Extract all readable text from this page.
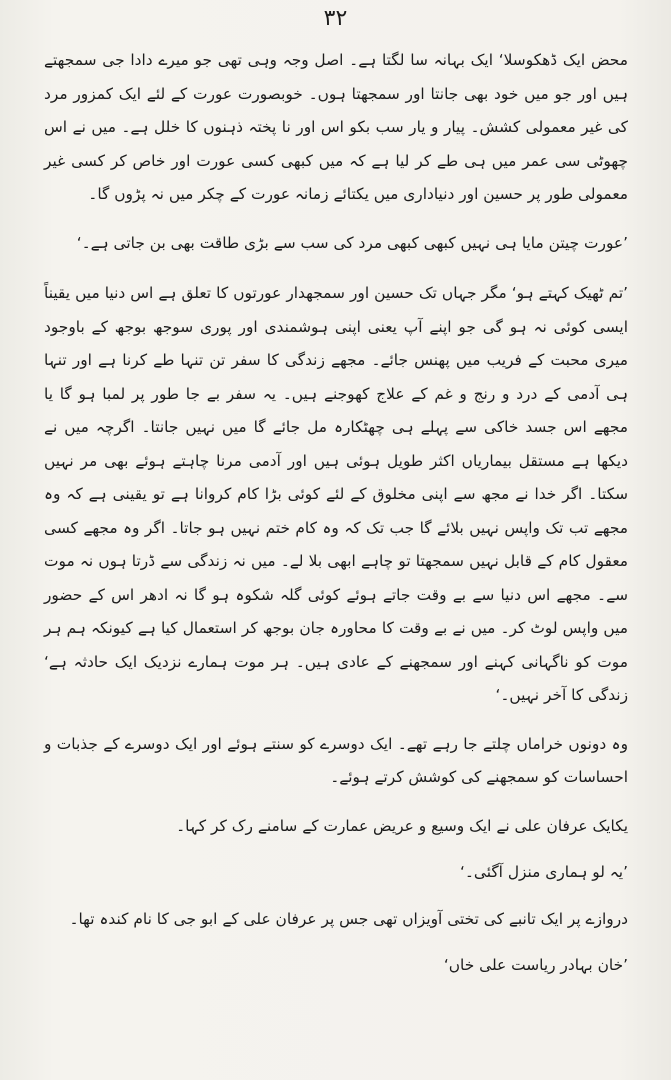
۳۲

محض ایک ڈھکوسلا‘ ایک بہانہ سا لگتا ہے۔ اصل وجہ وہی تھی جو میرے دادا جی سمجھتے ہیں اور جو میں خود بھی جانتا اور سمجھتا ہوں۔ خوبصورت عورت کے لئے ایک کمزور مرد کی غیر معمولی کشش۔ پیار و یار سب بکو اس اور نا پختہ ذہنوں کا خلل ہے۔ میں نے اس چھوٹی سی عمر میں ہی طے کر لیا ہے کہ میں کبھی کسی عورت اور خاص کر کسی غیر معمولی طور پر حسین اور دنیاداری میں یکتائے زمانہ عورت کے چکر میں نہ پڑوں گا۔

’عورت چیتن مایا ہی نہیں کبھی کبھی مرد کی سب سے بڑی طاقت بھی بن جاتی ہے۔‘

’تم ٹھیک کہتے ہو‘ مگر جہاں تک حسین اور سمجھدار عورتوں کا تعلق ہے اس دنیا میں یقیناً ایسی کوئی نہ ہو گی جو اپنے آپ یعنی اپنی ہوشمندی اور پوری سوجھ بوجھ کے باوجود میری محبت کے فریب میں پھنس جائے۔ مجھے زندگی کا سفر تن تنہا طے کرنا ہے اور تنہا ہی آدمی کے درد و رنج و غم کے علاج کھوجنے ہیں۔ یہ سفر بے جا طور پر لمبا ہو گا یا مجھے اس جسد خاکی سے پہلے ہی چھٹکارہ مل جائے گا میں نہیں جانتا۔ اگرچہ میں نے دیکھا ہے مستقل بیماریاں اکثر طویل ہوئی ہیں اور آدمی مرنا چاہتے ہوئے بھی مر نہیں سکتا۔ اگر خدا نے مجھ سے اپنی مخلوق کے لئے کوئی بڑا کام کروانا ہے تو یقینی ہے کہ وہ مجھے تب تک واپس نہیں بلائے گا جب تک کہ وہ کام ختم نہیں ہو جاتا۔ اگر وہ مجھے کسی معقول کام کے قابل نہیں سمجھتا تو چاہے ابھی بلا لے۔ میں نہ زندگی سے ڈرتا ہوں نہ موت سے۔ مجھے اس دنیا سے بے وقت جاتے ہوئے کوئی گلہ شکوہ ہو گا نہ ادھر اس کے حضور میں واپس لوٹ کر۔ میں نے بے وقت کا محاورہ جان بوجھ کر استعمال کیا ہے کیونکہ ہم ہر موت کو ناگہانی کہنے اور سمجھنے کے عادی ہیں۔ ہر موت ہمارے نزدیک ایک حادثہ ہے‘ زندگی کا آخر نہیں۔‘

وہ دونوں خراماں چلتے جا رہے تھے۔ ایک دوسرے کو سنتے ہوئے اور ایک دوسرے کے جذبات و احساسات کو سمجھنے کی کوشش کرتے ہوئے۔

یکایک عرفان علی نے ایک وسیع و عریض عمارت کے سامنے رک کر کہا۔

’یہ لو ہماری منزل آگئی۔‘

دروازے پر ایک تانبے کی تختی آویزاں تھی جس پر عرفان علی کے ابو جی کا نام کندہ تھا۔

’خان بہادر ریاست علی خاں‘
